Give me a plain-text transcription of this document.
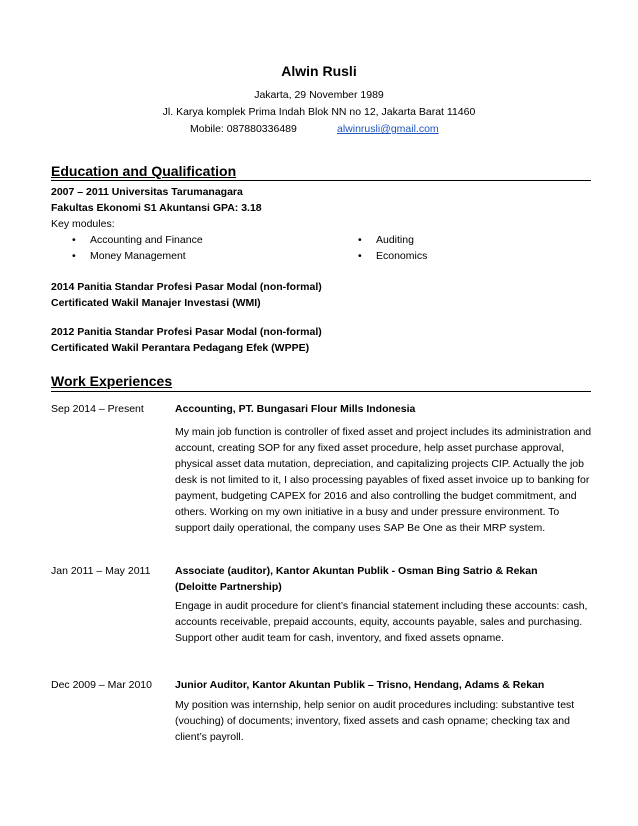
Alwin Rusli
Jakarta, 29 November 1989
Jl. Karya komplek Prima Indah Blok NN no 12, Jakarta Barat 11460
Mobile: 087880336489	alwinrusli@gmail.com
Education and Qualification
2007 – 2011 Universitas Tarumanagara
Fakultas Ekonomi S1 Akuntansi GPA: 3.18
Key modules:
• Accounting and Finance
• Money Management
• Auditing
• Economics
2014 Panitia Standar Profesi Pasar Modal (non-formal)
Certificated Wakil Manajer Investasi (WMI)
2012 Panitia Standar Profesi Pasar Modal (non-formal)
Certificated Wakil Perantara Pedagang Efek (WPPE)
Work Experiences
Sep 2014 – Present	Accounting, PT. Bungasari Flour Mills Indonesia
My main job function is controller of fixed asset and project includes its administration and account, creating SOP for any fixed asset procedure, help asset purchase approval, physical asset data mutation, depreciation, and capitalizing projects CIP. Actually the job desk is not limited to it, I also processing payables of fixed asset invoice up to banking for payment, budgeting CAPEX for 2016 and also controlling the budget commitment, and others. Working on my own initiative in a busy and under pressure environment. To support daily operational, the company uses SAP Be One as their MRP system.
Jan 2011 – May 2011 Associate (auditor), Kantor Akuntan Publik - Osman Bing Satrio & Rekan
(Deloitte Partnership)
Engage in audit procedure for client’s financial statement including these accounts: cash, accounts receivable, prepaid accounts, equity, accounts payable, sales and purchasing. Support other audit team for cash, inventory, and fixed assets opname.
Dec 2009 – Mar 2010 Junior Auditor, Kantor Akuntan Publik – Trisno, Hendang, Adams & Rekan
My position was internship, help senior on audit procedures including: substantive test (vouching) of documents; inventory, fixed assets and cash opname; checking tax and client’s payroll.
